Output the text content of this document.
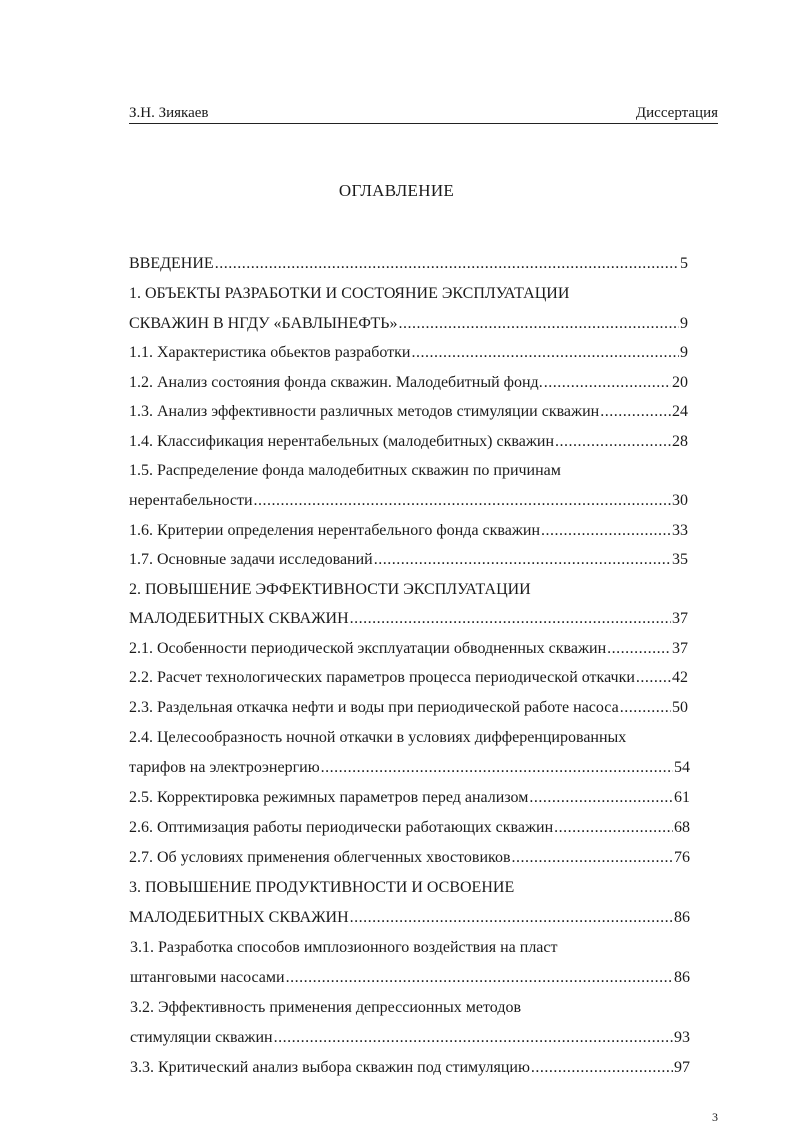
З.Н. Зиякаев	Диссертация
ОГЛАВЛЕНИЕ
ВВЕДЕНИЕ .....	5
1. ОБЪЕКТЫ РАЗРАБОТКИ И СОСТОЯНИЕ ЭКСПЛУАТАЦИИ
СКВАЖИН В НГДУ «БАВЛЫНЕФТЬ» .....	9
1.1. Характеристика обьектов разработки .....	9
1.2. Анализ состояния фонда скважин. Малодебитный фонд. .....	20
1.3. Анализ эффективности различных методов стимуляции скважин .....	24
1.4. Классификация нерентабельных (малодебитных) скважин .....	28
1.5. Распределение фонда малодебитных скважин по причинам
нерентабельности .....	30
1.6. Критерии определения нерентабельного фонда скважин .....	33
1.7. Основные задачи исследований .....	35
2. ПОВЫШЕНИЕ ЭФФЕКТИВНОСТИ ЭКСПЛУАТАЦИИ
МАЛОДЕБИТНЫХ СКВАЖИН .....	37
2.1. Особенности периодической эксплуатации обводненных скважин .....	37
2.2. Расчет технологических параметров процесса периодической откачки ..... 42
2.3. Раздельная откачка нефти и воды при периодической работе насоса .....	50
2.4. Целесообразность ночной откачки в условиях дифференцированных
тарифов на электроэнергию .....	54
2.5. Корректировка режимных параметров перед анализом .....	61
2.6. Оптимизация работы периодически работающих скважин .....	68
2.7. Об условиях применения облегченных хвостовиков .....	76
3. ПОВЫШЕНИЕ ПРОДУКТИВНОСТИ И ОСВОЕНИЕ
МАЛОДЕБИТНЫХ СКВАЖИН .....	86
3.1. Разработка способов имплозионного воздействия на пласт
штанговыми насосами .....	86
3.2. Эффективность применения депрессионных методов
стимуляции скважин .....	93
3.3. Критический анализ выбора скважин под стимуляцию .....	97
3
